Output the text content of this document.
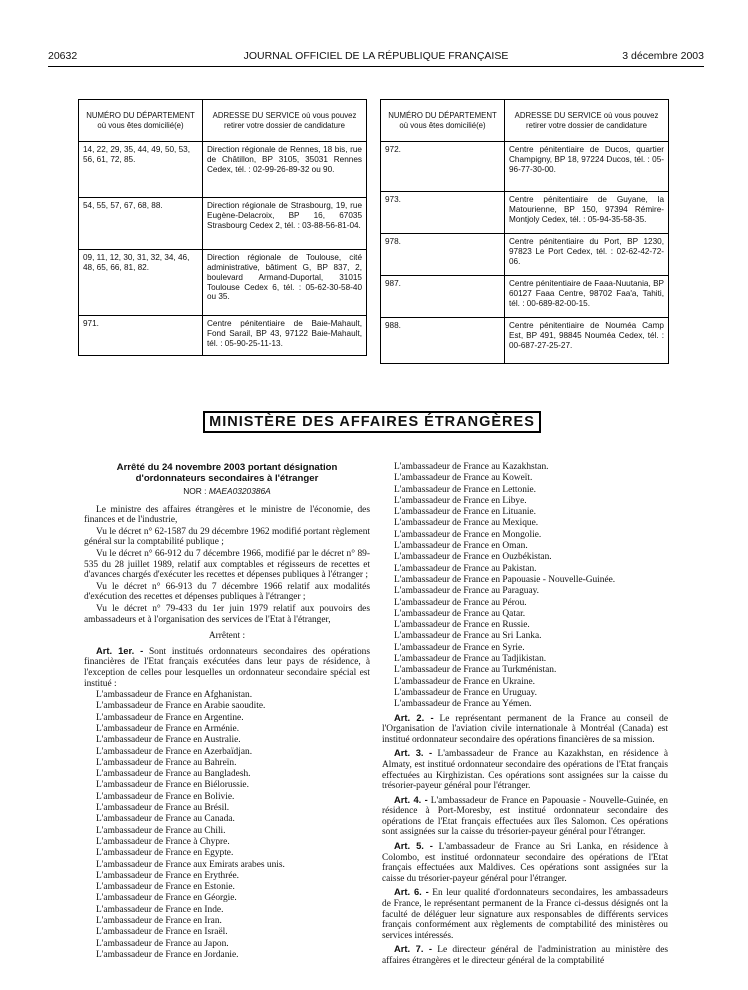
20632	JOURNAL OFFICIEL DE LA RÉPUBLIQUE FRANÇAISE	3 décembre 2003
NUMÉRO DU DÉPARTEMENT où vous êtes domicilié(e)	ADRESSE DU SERVICE où vous pouvez retirer votre dossier de candidature
14, 22, 29, 35, 44, 49, 50, 53, 56, 61, 72, 85.	Direction régionale de Rennes, 18 bis, rue de Châtillon, BP 3105, 35031 Rennes Cedex, tél. : 02-99-26-89-32 ou 90.
54, 55, 57, 67, 68, 88.	Direction régionale de Strasbourg, 19, rue Eugène-Delacroix, BP 16, 67035 Strasbourg Cedex 2, tél. : 03-88-56-81-04.
09, 11, 12, 30, 31, 32, 34, 46, 48, 65, 66, 81, 82.	Direction régionale de Toulouse, cité administrative, bâtiment G, BP 837, 2, boulevard Armand-Duportal, 31015 Toulouse Cedex 6, tél. : 05-62-30-58-40 ou 35.
971.	Centre pénitentiaire de Baie-Mahault, Fond Sarail, BP 43, 97122 Baie-Mahault, tél. : 05-90-25-11-13.
NUMÉRO DU DÉPARTEMENT où vous êtes domicilié(e)	ADRESSE DU SERVICE où vous pouvez retirer votre dossier de candidature
972.	Centre pénitentiaire de Ducos, quartier Champigny, BP 18, 97224 Ducos, tél. : 05-96-77-30-00.
973.	Centre pénitentiaire de Guyane, la Matourienne, BP 150, 97394 Rémire-Montjoly Cedex, tél. : 05-94-35-58-35.
978.	Centre pénitentiaire du Port, BP 1230, 97823 Le Port Cedex, tél. : 02-62-42-72-06.
987.	Centre pénitentiaire de Faaa-Nuutania, BP 60127 Faaa Centre, 98702 Faa'a, Tahiti, tél. : 00-689-82-00-15.
988.	Centre pénitentiaire de Nouméa Camp Est, BP 491, 98845 Nouméa Cedex, tél. : 00-687-27-25-27.
MINISTÈRE DES AFFAIRES ÉTRANGÈRES
Arrêté du 24 novembre 2003 portant désignation
d'ordonnateurs secondaires à l'étranger
NOR : MAEA0320386A

Le ministre des affaires étrangères et le ministre de l'économie, des finances et de l'industrie,

Vu le décret n° 62-1587 du 29 décembre 1962 modifié portant règlement général sur la comptabilité publique ;

Vu le décret n° 66-912 du 7 décembre 1966, modifié par le décret n° 89-535 du 28 juillet 1989, relatif aux comptables et régisseurs de recettes et d'avances chargés d'exécuter les recettes et dépenses publiques à l'étranger ;

Vu le décret n° 66-913 du 7 décembre 1966 relatif aux modalités d'exécution des recettes et dépenses publiques à l'étranger ;

Vu le décret n° 79-433 du 1er juin 1979 relatif aux pouvoirs des ambassadeurs et à l'organisation des services de l'Etat à l'étranger,

Arrêtent :

Art. 1er. - Sont institués ordonnateurs secondaires des opérations financières de l'Etat français exécutées dans leur pays de résidence, à l'exception de celles pour lesquelles un ordonnateur secondaire spécial est institué :

L'ambassadeur de France en Afghanistan.

L'ambassadeur de France en Arabie saoudite.

L'ambassadeur de France en Argentine.

L'ambassadeur de France en Arménie.

L'ambassadeur de France en Australie.

L'ambassadeur de France en Azerbaïdjan.

L'ambassadeur de France au Bahreïn.

L'ambassadeur de France au Bangladesh.

L'ambassadeur de France en Biélorussie.

L'ambassadeur de France en Bolivie.

L'ambassadeur de France au Brésil.

L'ambassadeur de France au Canada.

L'ambassadeur de France au Chili.

L'ambassadeur de France à Chypre.

L'ambassadeur de France en Egypte.

L'ambassadeur de France aux Emirats arabes unis.

L'ambassadeur de France en Erythrée.

L'ambassadeur de France en Estonie.

L'ambassadeur de France en Géorgie.

L'ambassadeur de France en Inde.

L'ambassadeur de France en Iran.

L'ambassadeur de France en Israël.

L'ambassadeur de France au Japon.

L'ambassadeur de France en Jordanie.

L'ambassadeur de France au Kazakhstan.

L'ambassadeur de France au Koweït.

L'ambassadeur de France en Lettonie.

L'ambassadeur de France en Libye.

L'ambassadeur de France en Lituanie.

L'ambassadeur de France au Mexique.

L'ambassadeur de France en Mongolie.

L'ambassadeur de France en Oman.

L'ambassadeur de France en Ouzbékistan.

L'ambassadeur de France au Pakistan.

L'ambassadeur de France en Papouasie - Nouvelle-Guinée.

L'ambassadeur de France au Paraguay.

L'ambassadeur de France au Pérou.

L'ambassadeur de France au Qatar.

L'ambassadeur de France en Russie.

L'ambassadeur de France au Sri Lanka.

L'ambassadeur de France en Syrie.

L'ambassadeur de France au Tadjikistan.

L'ambassadeur de France au Turkménistan.

L'ambassadeur de France en Ukraine.

L'ambassadeur de France en Uruguay.

L'ambassadeur de France au Yémen.

Art. 2. - Le représentant permanent de la France au conseil de l'Organisation de l'aviation civile internationale à Montréal (Canada) est institué ordonnateur secondaire des opérations financières de sa mission.

Art. 3. - L'ambassadeur de France au Kazakhstan, en résidence à Almaty, est institué ordonnateur secondaire des opérations de l'Etat français effectuées au Kirghizistan. Ces opérations sont assignées sur la caisse du trésorier-payeur général pour l'étranger.

Art. 4. - L'ambassadeur de France en Papouasie - Nouvelle-Guinée, en résidence à Port-Moresby, est institué ordonnateur secondaire des opérations de l'Etat français effectuées aux îles Salomon. Ces opérations sont assignées sur la caisse du trésorier-payeur général pour l'étranger.

Art. 5. - L'ambassadeur de France au Sri Lanka, en résidence à Colombo, est institué ordonnateur secondaire des opérations de l'Etat français effectuées aux Maldives. Ces opérations sont assignées sur la caisse du trésorier-payeur général pour l'étranger.

Art. 6. - En leur qualité d'ordonnateurs secondaires, les ambassadeurs de France, le représentant permanent de la France ci-dessus désignés ont la faculté de déléguer leur signature aux responsables de différents services français conformément aux règlements de comptabilité des ministères ou services intéressés.

Art. 7. - Le directeur général de l'administration au ministère des affaires étrangères et le directeur général de la comptabilité
